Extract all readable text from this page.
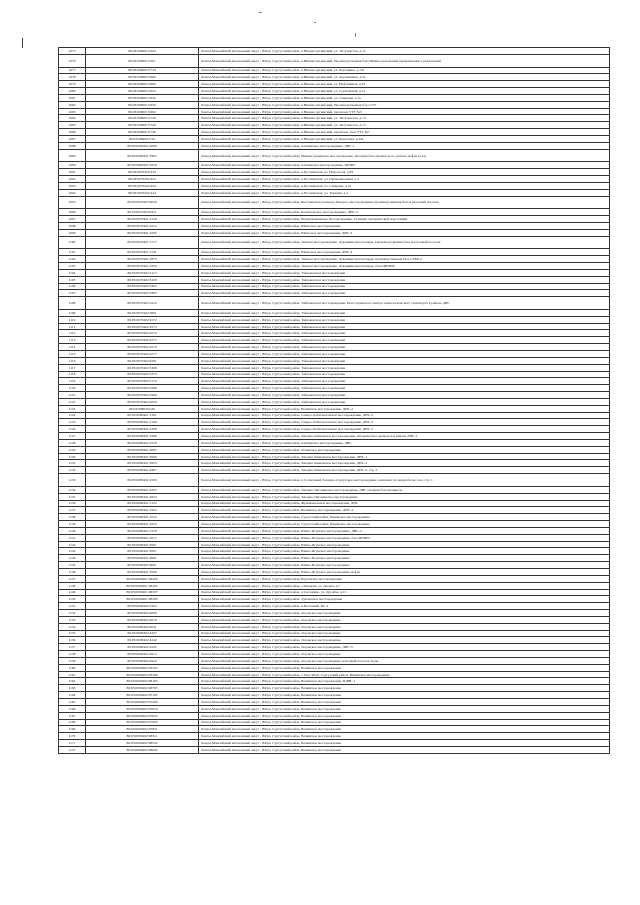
1075	86:03:0060013:464	Ханты-Мансийский автономный округ - Югра, Сургутский район, п.Нижнесортымский, ул. Энтузиастов, д.12
1076	86:03:0060013:501	Ханты-Мансийский автономный округ - Югра, Сургутский район, п.Нижнесортымский, Производственная база Нижнесортымский промышленно-гражданский
1077	86:03:0060013:734	Ханты-Мансийский автономный округ - Югра, Сургутский район, п.Нижнесортымский, ул. Картавина, д.13а
1078	86:03:0060013:660	Ханты-Мансийский автономный округ - Югра, Сургутский район, п.Нижнесортымский, ул. Дорожников, д.5а
1079	86:03:0060013:669	Ханты-Мансийский автономный округ - Югра, Сургутский район, п.Нижнесортымский, ул. Нефтяников, д.33
1080	86:03:0060013:623	Ханты-Мансийский автономный округ - Югра, Сургутский район, п.Нижнесортымский, ул. Сортымская, д.1а
1081	86:03:0060013:620	Ханты-Мансийский автономный округ - Югра, Сургутский район, п.Нижнесортымский, ул. Северная, д.1а
1082	86:03:0060013:656	Ханты-Мансийский автономный округ - Югра, Сургутский район, п.Нижнесортымский, Производственная база СТУ
1083	86:03:0060013:682	Ханты-Мансийский автономный округ - Югра, Сургутский район, п.Нижнесортымский, промзона УТТ №3
1084	86:03:0060013:739	Ханты-Мансийский автономный округ - Югра, Сургутский район, п.Нижнесортымский, ул. Энтузиастов, д.13
1085	86:03:0060013:740	Ханты-Мансийский автономный округ - Югра, Сургутский район, п.Нижнесортымский, ул. Энтузиастов, д.13
1086	86:03:0060013:730	Ханты-Мансийский автономный округ - Югра, Сургутский район, п.Нижнесортымский, промзона, база УТТ №7
1087	86:03:0060013:56	Ханты-Мансийский автономный округ - Югра, Сургутский район, п.Нижнесортымский, ул. Береговая, д.24а
1088	86:03:0060201:2089	Ханты-Мансийский автономный округ - Югра, Сургутский район, Алехинское месторождение, ДНС-1
1089	86:03:0060201:7965	Ханты-Мансийский автономный округ - Югра, Сургутский район, Нижнесортымское месторождение. Опорная база промысла по добыче нефти и газа
1090	86:03:0060201:2958	Ханты-Мансийский автономный округ - Югра, Сургутский район, Алехинское месторождение, ЦППН
1091	86:03:0070202:233	Ханты-Мансийский автономный округ - Югра, Сургутский район, д.Русскинская, ул. Новоселов, д.29
1092	86:03:0070202:422	Ханты-Мансийский автономный округ - Югра, Сургутский район, д.Русскинская, ул. Промышленная, д.4
1093	86:03:0070202:424	Ханты-Мансийский автономный округ - Югра, Сургутский район, д.Русскинская, ул. Северная, д.19
1094	86:03:0070202:244	Ханты-Мансийский автономный округ - Югра, Сургутский район, д.Русскинская, ул. Таежная, д.2
1095	86:03:0070203:9020	Ханты-Мансийский автономный округ - Югра, Сургутский район, Быстринская площадь Тянского месторождения, производственная база и вахтовый поселок
1096	86:03:0070203:9411	Ханты-Мансийский автономный округ - Югра, Сургутский район, Конитлорское месторождение, ДНС-2
1097	86:03:0070401:1240	Ханты-Мансийский автономный округ - Югра, Сургутский район, Верхнекамынское месторождение, Станция электрической подстанции
1098	86:03:0070401:1612	Ханты-Мансийский автономный округ - Югра, Сургутский район, Юильское месторождение
1099	86:03:0070401:1695	Ханты-Мансийский автономный округ - Югра, Сургутский район, Юильское месторождение, ДНС-3
1100	86:03:0070401:1717	Ханты-Мансийский автономный округ - Югра, Сургутский район, Тянское месторождение, Лукъявинская площадь. Производственная база и вахтовый поселок
1101	86:03:0070401:1741	Ханты-Мансийский автономный округ - Югра, Сургутский район, Юильское месторождение, ДНС-4
1102	86:03:0070401:1873	Ханты-Мансийский автономный округ - Югра, Сургутский район, Тянское месторождение, Лукъявинская площадь, производственная база СУБР-2
1103	86:03:0070401:1932	Ханты-Мансийский автономный округ - Югра, Сургутский район, Тянское месторождение, Лукъявинская площадь, база ЦНИПР
1104	86:03:0070402:2113	Ханты-Мансийский автономный округ - Югра, Сургутский район, Тайлаковское месторождение
1105	86:03:0070402:3328	Ханты-Мансийский автономный округ - Югра, Сургутский район, Тайлаковское месторождение
1106	86:03:0070402:3362	Ханты-Мансийский автономный округ - Югра, Сургутский район, Тайлаковское месторождение
1107	86:03:0070402:3363	Ханты-Мансийский автономный округ - Югра, Сургутский район, Тайлаковское месторождение
1108	86:03:0070402:3410	Ханты-Мансийский автономный округ - Югра, Сургутский район, Тайлаковское месторождение, База Сервисного центра технологического транспорта в районе ДНС
1109	86:03:0070402:3801	Ханты-Мансийский автономный округ - Югра, Сургутский район, Тайлаковское месторождение
1110	86:03:0070402:4572	Ханты-Мансийский автономный округ - Югра, Сургутский район, Тайлаковское месторождение
1111	86:03:0070402:4573	Ханты-Мансийский автономный округ - Югра, Сургутский район, Тайлаковское месторождение
1112	86:03:0070402:4574	Ханты-Мансийский автономный округ - Югра, Сургутский район, Тайлаковское месторождение
1113	86:03:0070402:4575	Ханты-Мансийский автономный округ - Югра, Сургутский район, Тайлаковское месторождение
1114	86:03:0070402:4576	Ханты-Мансийский автономный округ - Югра, Сургутский район, Тайлаковское месторождение
1115	86:03:0070402:4577	Ханты-Мансийский автономный округ - Югра, Сургутский район, Тайлаковское месторождение
1116	86:03:0070402:4581	Ханты-Мансийский автономный округ - Югра, Сургутский район, Тайлаковское месторождение
1117	86:03:0070402:5368	Ханты-Мансийский автономный округ - Югра, Сургутский район, Тайлаковское месторождение
1118	86:03:0070402:5373	Ханты-Мансийский автономный округ - Югра, Сургутский район, Тайлаковское месторождение
1119	86:03:0070402:5174	Ханты-Мансийский автономный округ - Югра, Сургутский район, Тайлаковское месторождение
1120	86:03:0070402:5268	Ханты-Мансийский автономный округ - Югра, Сургутский район, Тайлаковское месторождение
1121	86:03:0070402:5269	Ханты-Мансийский автономный округ - Югра, Сургутский район, Тайлаковское месторождение
1122	86:03:0070402:5620	Ханты-Мансийский автономный округ - Югра, Сургутский район, Тайлаковское месторождение
1123	86:03:0080301:80	Ханты-Мансийский автономный округ - Югра, Сургутский район, Вачимское месторождение, ДНС-2
1124	86:03:0080401:3161	Ханты-Мансийский автономный округ - Югра, Сургутский район, Северо-Лабатьюганское месторождение, ДНС-2
1125	86:03:0080401:2168	Ханты-Мансийский автономный округ - Югра, Сургутский район, Северо-Лабатьюганское месторождение, ДНС-3
1126	86:03:0080401:2298	Ханты-Мансийский автономный округ - Югра, Сургутский район, Северо-Лабатьюганское месторождение, ДНС-5
1127	86:03:0080401:3286	Ханты-Мансийский автономный округ - Югра, Сургутский район, Западно-Камынское месторождение, Опорная база промысла в районе ДНС-1
1128	86:03:0080401:2528	Ханты-Мансийский автономный округ - Югра, Сургутский район, Алехинское месторождение, ДНС
1129	86:03:0080401:3085	Ханты-Мансийский автономный округ - Югра, Сургутский район, Ловинское месторождение
1130	86:03:0080401:3996	Ханты-Мансийский автономный округ - Югра, Сургутский район, Западно-Камынское месторождение, ДНС-1
1131	86:03:0080401:3953	Ханты-Мансийский автономный округ - Югра, Сургутский район, Западно-Камынское месторождение, ДНС-2
1132	86:03:0080401:4467	Ханты-Мансийский автономный округ - Югра, Сургутский район, Западно-Камынское месторождение, ДНС-2, стр. 2
1133	86:03:0080401:4500	Ханты-Мансийский автономный округ - Югра, Сургутский район, п.Солнечный, Западно-Сургутское месторождение, комплекс по переработке газа, стр. 1
1134	86:03:0080401:4345	Ханты-Мансийский автономный округ - Югра, Сургутский район, Западно-Чигоринское месторождение, ДНС опорная база промысла
1135	86:03:0080401:4824	Ханты-Мансийский автономный округ - Югра, Сургутский район, Западно-Чигоринское месторождение
1136	86:03:0080401:5122	Ханты-Мансийский автономный округ - Югра, Сургутский район, Жумажановское месторождение, ДНС
1137	86:03:0080401:5204	Ханты-Мансийский автономный округ - Югра, Сургутский район, Вачимское месторождение, ДНС-4
1138	86:03:0080401:1022	Ханты-Мансийский автономный округ - Югра, Сургутский район, Сургутский район, Бачимское месторождение
1139	86:03:0080401:1023	Ханты-Мансийский автономный округ - Югра, Сургутский район, Сургутский район, Бачимское месторождение
1140	86:03:0080401:5478	Ханты-Мансийский автономный округ - Югра, Сургутский район, Южно-Ягунское месторождение, ДНС-4
1141	86:03:0080401:5613	Ханты-Мансийский автономный округ - Югра, Сургутский район, Южно-Ягунское месторождение, база ЦППРС
1142	86:03:0090401:6501	Ханты-Мансийский автономный округ - Югра, Сургутский район, Южно-Ягунское месторождение
1143	86:03:0090401:6507	Ханты-Мансийский автономный округ - Югра, Сургутский район, Южно-Ягунское месторождение
1144	86:03:0090401:6901	Ханты-Мансийский автономный округ - Югра, Сургутский район, Южно-Ягунское месторождение
1145	86:03:0090401:9061	Ханты-Мансийский автономный округ - Югра, Сургутский район, Южно-Ягунское месторождение
1146	86:03:0090401:7060	Ханты-Мансийский автономный округ - Югра, Сургутский район, Южно-Ягунское месторождение нефти
1147	86:03:0090401:96429	Ханты-Мансийский автономный округ - Югра, Сургутский район, Вартовское месторождение
1148	86:03:0090401:96432	Ханты-Мансийский автономный округ - Югра, Сургутский район, с.Каюкова, ул. Лесная, д.7
1149	86:03:0090401:96597	Ханты-Мансийский автономный округ - Югра, Сургутский район, д.Сытомино, ул. Дружбы, д.15
1150	86:03:0090401:96598	Ханты-Мансийский автономный округ - Югра, Сургутский район, Дунаевское месторождение
1151	86:03:0090402:2322	Ханты-Мансийский автономный округ - Югра, Сургутский район, п.Песчаный, КС-2
1152	86:03:0090402:4006	Ханты-Мансийский автономный округ - Югра, Сургутский район, Лоровское месторождение
1153	86:03:0090402:4010	Ханты-Мансийский автономный округ - Югра, Сургутский район, Лоровское месторождение
1154	86:03:0090402:4031	Ханты-Мансийский автономный округ - Югра, Сургутский район, Лоровское месторождение
1155	86:03:0090402:4207	Ханты-Мансийский автономный округ - Югра, Сургутский район, Лоровское месторождение
1156	86:03:0090402:4242	Ханты-Мансийский автономный округ - Югра, Сургутский район, Лоровское месторождение
1157	86:03:0090402:4245	Ханты-Мансийский автономный округ - Югра, Сургутский район, Лоровское месторождение, ДНС-5
1158	86:03:0090402:4914	Ханты-Мансийский автономный округ - Югра, Сургутский район, Лоровское месторождение
1159	86:03:0090402:4924	Ханты-Мансийский автономный округ - Югра, Сургутский район, Лоровское месторождение, вахтовый поселок Лоры
1160	86:03:0090402:95595	Ханты-Мансийский автономный округ - Югра, Сургутский район, Вачимское месторождение
1161	86:03:0090402:95596	Ханты-Мансийский автономный округ - Югра, Сургутский район, с.Ульт-Ягун, Сургутский район, Вачимское месторождение
1162	86:03:0090402:96163	Ханты-Мансийский автономный округ - Югра, Сургутский район, Вачимское месторождение, ЦДНГ-1
1163	86:03:0090402:96793	Ханты-Мансийский автономный округ - Югра, Сургутский район, Вачимское месторождение
1164	86:03:0090402:97195	Ханты-Мансийский автономный округ - Югра, Сургутский район, Вачимское месторождение
1165	86:03:0090402:97469	Ханты-Мансийский автономный округ - Югра, Сургутский район, Вачимское месторождение
1166	86:03:0090402:97619	Ханты-Мансийский автономный округ - Югра, Сургутский район, Вачимское месторождение
1167	86:03:0090402:97622	Ханты-Мансийский автономный округ - Югра, Сургутский район, Вачимское месторождение
1168	86:03:0090402:97829	Ханты-Мансийский автономный округ - Югра, Сургутский район, Вачимское месторождение
1169	86:03:0090402:97831	Ханты-Мансийский автономный округ - Югра, Сургутский район, Вачимское месторождение
1170	86:03:0090402:98311	Ханты-Мансийский автономный округ - Югра, Сургутский район, Вачимское месторождение
1171	86:03:0090402:98532	Ханты-Мансийский автономный округ - Югра, Сургутский район, Вачимское месторождение
1172	86:03:0090402:98634	Ханты-Мансийский автономный округ - Югра, Сургутский район, Вачимское месторождение
